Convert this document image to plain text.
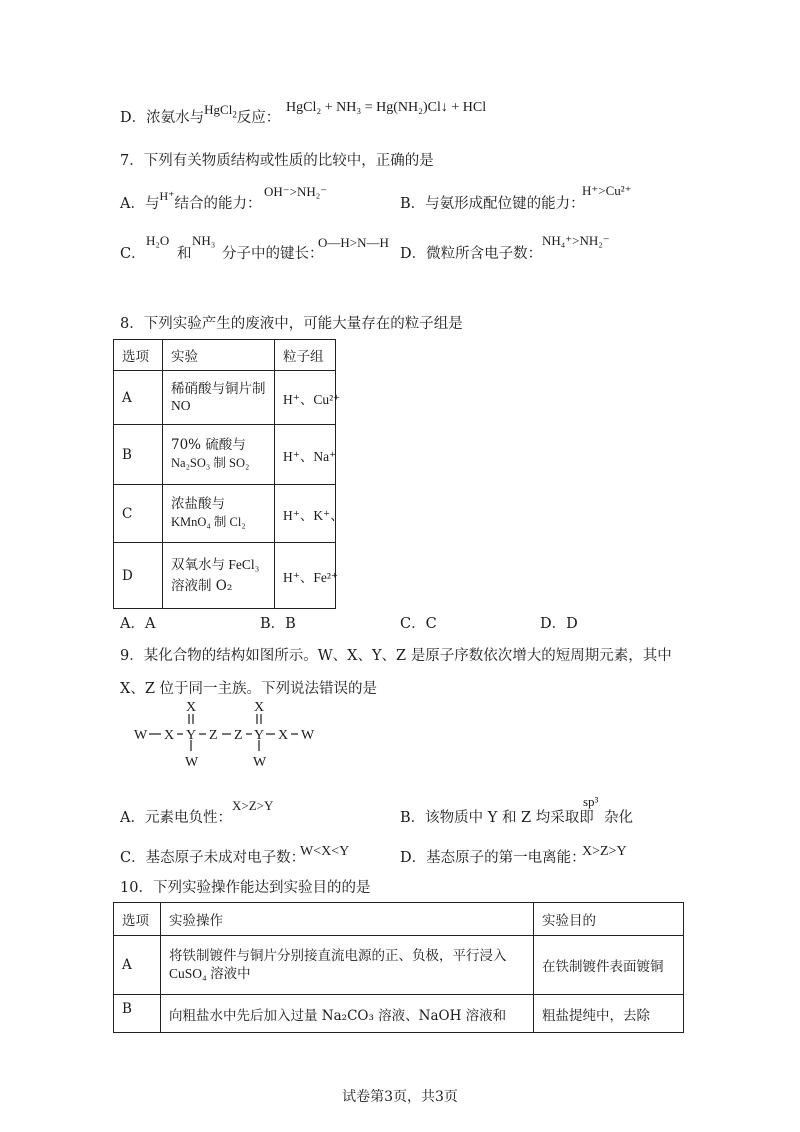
D．浓氨水与HgCl$_2$反应：
HgCl₂ + NH₃ = Hg(NH₂)Cl↓ + HCl
7．下列有关物质结构或性质的比较中，正确的是
A．与$^{H^+}$结合的能力：
OH⁻>NH₂⁻
B．与氨形成配位键的能力：
H⁺>Cu²⁺
C．
H₂O
和
NH₃
分子中的键长：
O—H>N—H
D．微粒所含电子数：
NH₄⁺>NH₂⁻
8．下列实验产生的废液中，可能大量存在的粒子组是
选项	实验	粒子组

A	稀硝酸与铜片制
NO	H⁺、Cu²⁺

B	70% 硫酸与
Na₂SO₃ 制 SO₂	H⁺、Na⁺

C	浓盐酸与
KMnO₄ 制 Cl₂	H⁺、K⁺、

D	双氧水与 FeCl₃
溶液制 O₂	H⁺、Fe²⁺
A．A	B．B	C．C	D．D
9．某化合物的结构如图所示。W、X、Y、Z 是原子序数依次增大的短周期元素，其中
X、Z 位于同一主族。下列说法错误的是
W X Y Z Z Y X W
X	X
W	W
A．元素电负性：
X>Z>Y
B．该物质中 Y 和 Z 均采取即
sp³
杂化
C．基态原子未成对电子数：
W<X<Y	D．基态原子的第一电离能：
X>Z>Y
10．下列实验操作能达到实验目的的是
选项	实验操作	实验目的

A	将铁制镀件与铜片分别接直流电源的正、负极，平行浸入
CuSO₄ 溶液中	在铁制镀件表面镀铜

B	向粗盐水中先后加入过量 Na₂CO₃ 溶液、NaOH 溶液和	粗盐提纯中，去除
试卷第3页，共3页
